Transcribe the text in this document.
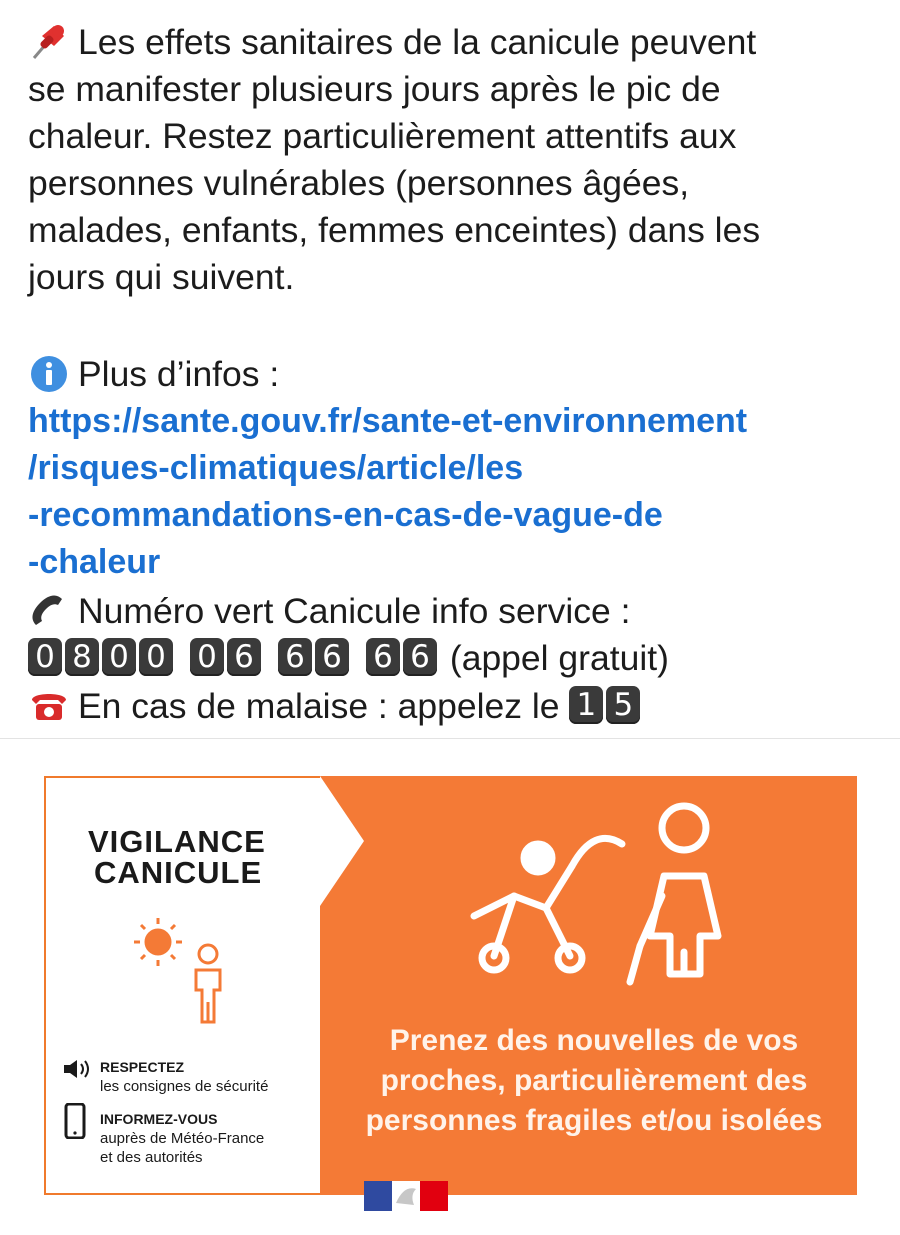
Les effets sanitaires de la canicule peuvent
se manifester plusieurs jours après le pic de
chaleur. Restez particulièrement attentifs aux
personnes vulnérables (personnes âgées,
malades, enfants, femmes enceintes) dans les
jours qui suivent.
Plus d’infos :
https://sante.gouv.fr/sante-et-environnement
/risques-climatiques/article/les
-recommandations-en-cas-de-vague-de
-chaleur
Numéro vert Canicule info service :
0 8 0 0 0 6 6 6 6 6 (appel gratuit)
En cas de malaise : appelez le 1 5
VIGILANCE
CANICULE
RESPECTEZ
les consignes de sécurité
INFORMEZ-VOUS
auprès de Météo-France
et des autorités
Prenez des nouvelles de vos
proches, particulièrement des
personnes fragiles et/ou isolées
